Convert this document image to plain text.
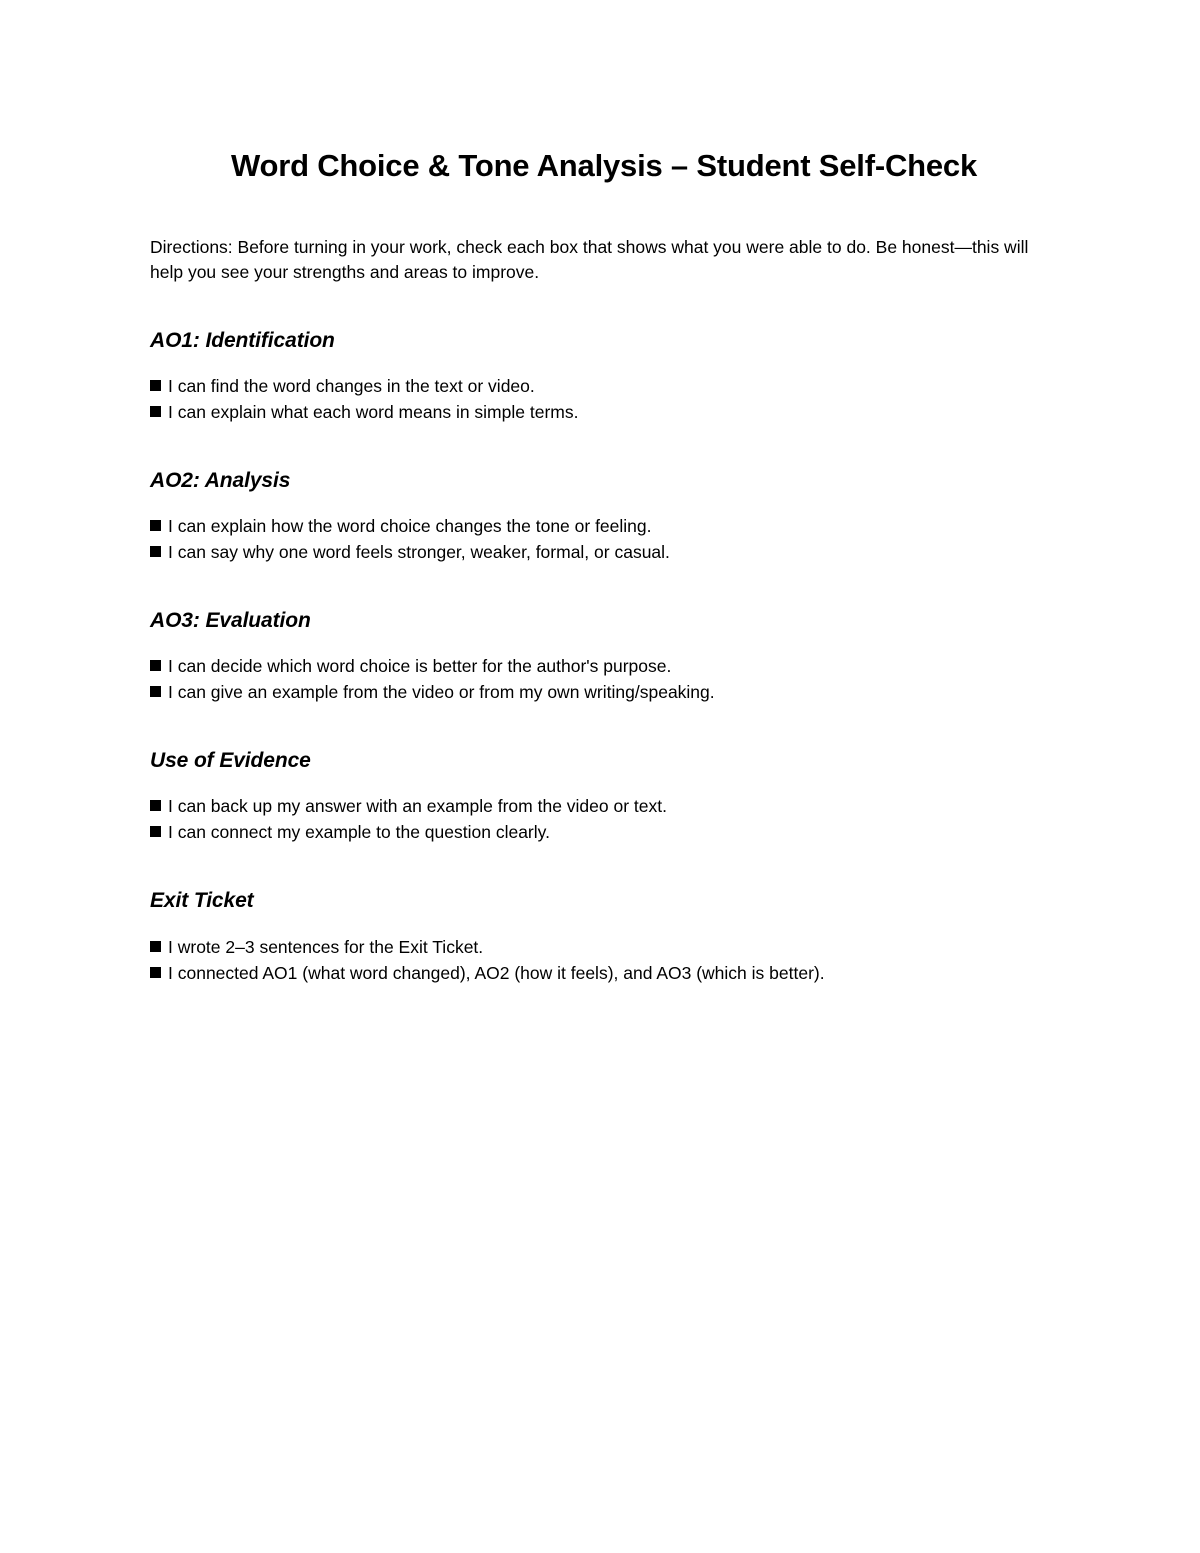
Word Choice & Tone Analysis – Student Self-Check

Directions: Before turning in your work, check each box that shows what you were able to do. Be honest—this will help you see your strengths and areas to improve.

AO1: Identification
I can find the word changes in the text or video.
I can explain what each word means in simple terms.
AO2: Analysis
I can explain how the word choice changes the tone or feeling.
I can say why one word feels stronger, weaker, formal, or casual.
AO3: Evaluation
I can decide which word choice is better for the author's purpose.
I can give an example from the video or from my own writing/speaking.
Use of Evidence
I can back up my answer with an example from the video or text.
I can connect my example to the question clearly.
Exit Ticket
I wrote 2–3 sentences for the Exit Ticket.
I connected AO1 (what word changed), AO2 (how it feels), and AO3 (which is better).
